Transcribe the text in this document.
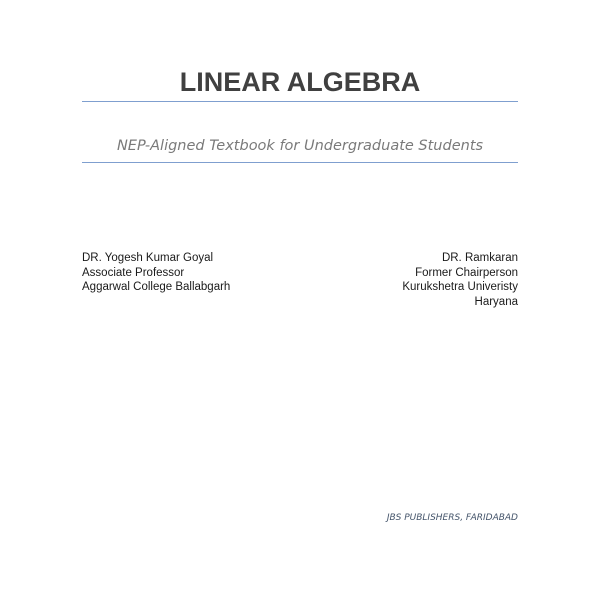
LINEAR ALGEBRA

NEP-Aligned Textbook for Undergraduate Students

DR. Yogesh Kumar Goyal
Associate Professor
Aggarwal College Ballabgarh
DR. Ramkaran
Former Chairperson
Kurukshetra Univeristy
Haryana
JBS PUBLISHERS, FARIDABAD
